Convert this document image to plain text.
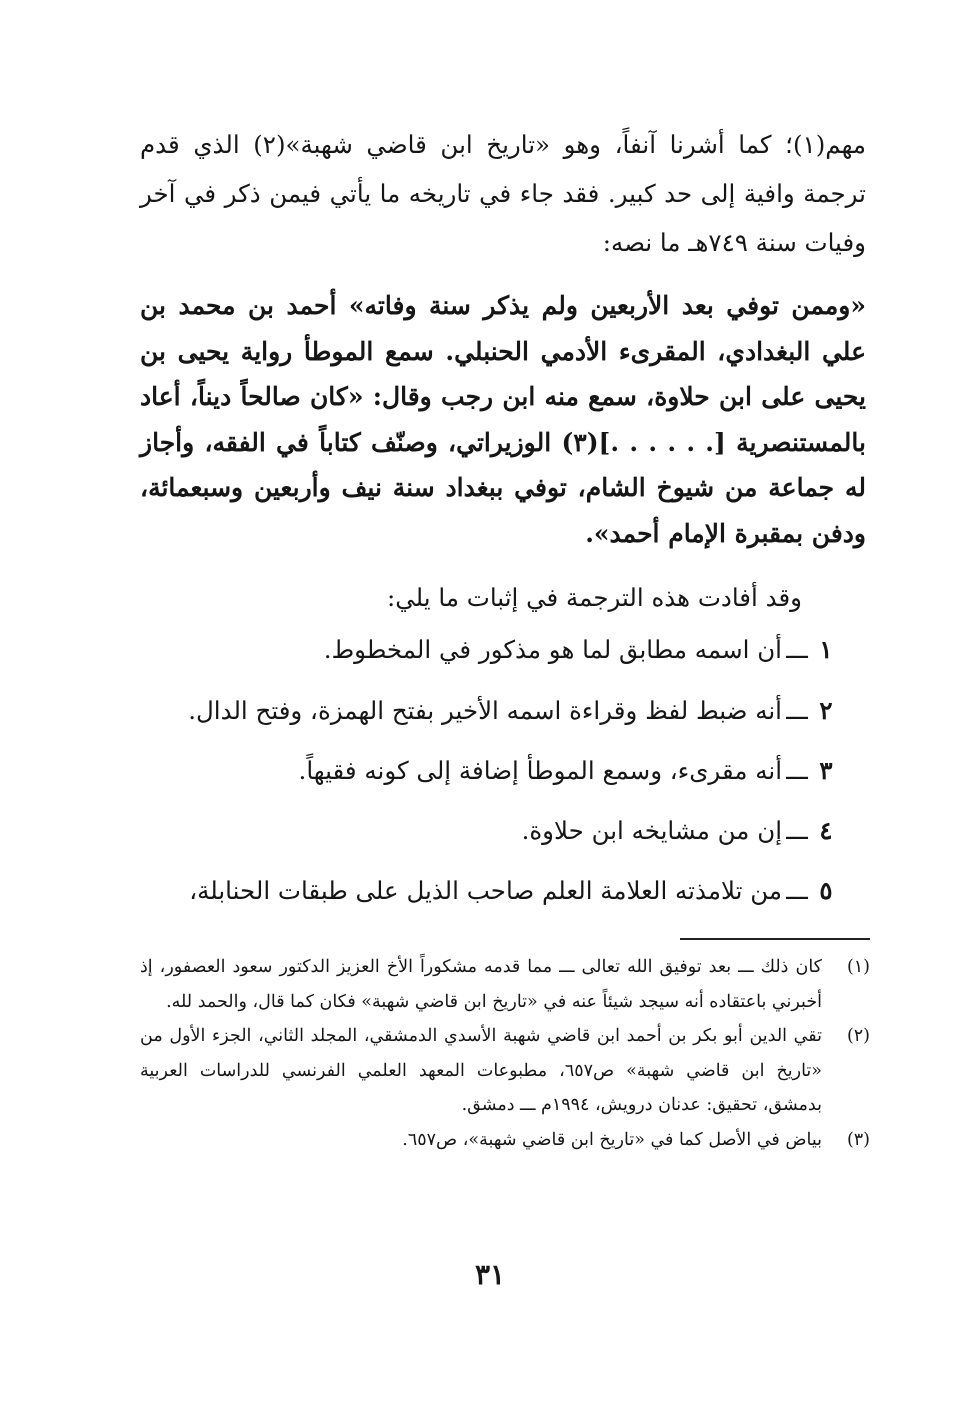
مهم(١)؛ كما أشرنا آنفاً، وهو «تاريخ ابن قاضي شهبة»(٢) الذي قدم ترجمة وافية إلى حد كبير. فقد جاء في تاريخه ما يأتي فيمن ذكر في آخر وفيات سنة ٧٤٩هـ ما نصه:

«وممن توفي بعد الأربعين ولم يذكر سنة وفاته» أحمد بن محمد بن علي البغدادي، المقرىء الأدمي الحنبلي. سمع الموطأ رواية يحيى بن يحيى على ابن حلاوة، سمع منه ابن رجب وقال: «كان صالحاً ديناً، أعاد بالمستنصرية [. . . . . .](٣) الوزيراتي، وصنّف كتاباً في الفقه، وأجاز له جماعة من شيوخ الشام، توفي ببغداد سنة نيف وأربعين وسبعمائة، ودفن بمقبرة الإمام أحمد».

وقد أفادت هذه الترجمة في إثبات ما يلي:

١
ـــ
أن اسمه مطابق لما هو مذكور في المخطوط.
٢
ـــ
أنه ضبط لفظ وقراءة اسمه الأخير بفتح الهمزة، وفتح الدال.
٣
ـــ
أنه مقرىء، وسمع الموطأ إضافة إلى كونه فقيهاً.
٤
ـــ
إن من مشايخه ابن حلاوة.
٥
ـــ
من تلامذته العلامة العلم صاحب الذيل على طبقات الحنابلة،
(١)
كان ذلك ـــ بعد توفيق الله تعالى ـــ مما قدمه مشكوراً الأخ العزيز الدكتور سعود العصفور، إذ أخبرني باعتقاده أنه سيجد شيئاً عنه في «تاريخ ابن قاضي شهبة» فكان كما قال، والحمد لله.
(٢)
تقي الدين أبو بكر بن أحمد ابن قاضي شهبة الأسدي الدمشقي، المجلد الثاني، الجزء الأول من «تاريخ ابن قاضي شهبة» ص٦٥٧، مطبوعات المعهد العلمي الفرنسي للدراسات العربية بدمشق، تحقيق: عدنان درويش، ١٩٩٤م ـــ دمشق.
(٣)
بياض في الأصل كما في «تاريخ ابن قاضي شهبة»، ص٦٥٧.
٣١
